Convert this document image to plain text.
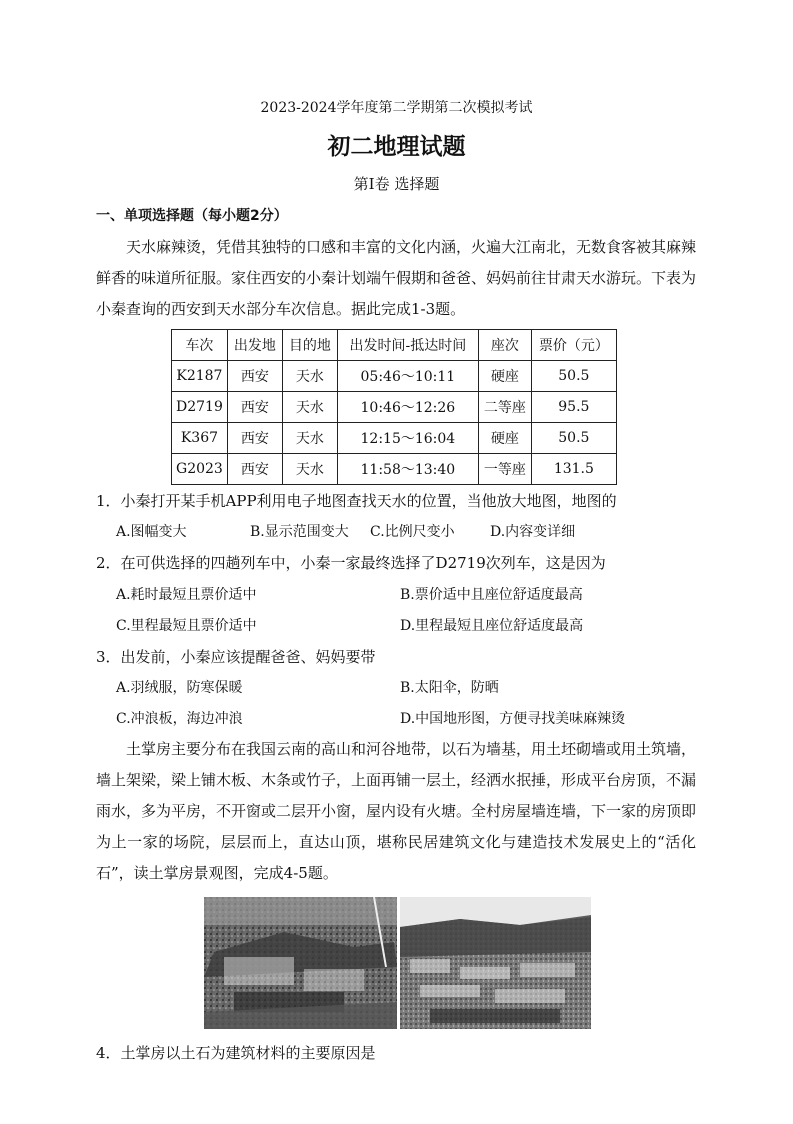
2023-2024学年度第二学期第二次模拟考试
初二地理试题
第I卷 选择题
一、单项选择题（每小题2分）
天水麻辣烫，凭借其独特的口感和丰富的文化内涵，火遍大江南北，无数食客被其麻辣鲜香的味道所征服。家住西安的小秦计划端午假期和爸爸、妈妈前往甘肃天水游玩。下表为小秦查询的西安到天水部分车次信息。据此完成1-3题。
车次	出发地	目的地	出发时间-抵达时间	座次	票价（元）
K2187	西安	天水	05:46～10:11	硬座	50.5
D2719	西安	天水	10:46～12:26	二等座	95.5
K367	西安	天水	12:15～16:04	硬座	50.5
G2023	西安	天水	11:58～13:40	一等座	131.5
1．小秦打开某手机APP利用电子地图查找天水的位置，当他放大地图，地图的
A.图幅变大	B.显示范围变大 C.比例尺变小	D.内容变详细
2．在可供选择的四趟列车中，小秦一家最终选择了D2719次列车，这是因为
A.耗时最短且票价适中	B.票价适中且座位舒适度最高
C.里程最短且票价适中	D.里程最短且座位舒适度最高
3．出发前，小秦应该提醒爸爸、妈妈要带
A.羽绒服，防寒保暖	B.太阳伞，防晒
C.冲浪板，海边冲浪	D.中国地形图，方便寻找美味麻辣烫
土掌房主要分布在我国云南的高山和河谷地带，以石为墙基，用土坯砌墙或用土筑墙，墙上架梁，梁上铺木板、木条或竹子，上面再铺一层土，经洒水抿捶，形成平台房顶，不漏雨水，多为平房，不开窗或二层开小窗，屋内设有火塘。全村房屋墙连墙，下一家的房顶即为上一家的场院，层层而上，直达山顶，堪称民居建筑文化与建造技术发展史上的“活化石”，读土掌房景观图，完成4-5题。
4．土掌房以土石为建筑材料的主要原因是
